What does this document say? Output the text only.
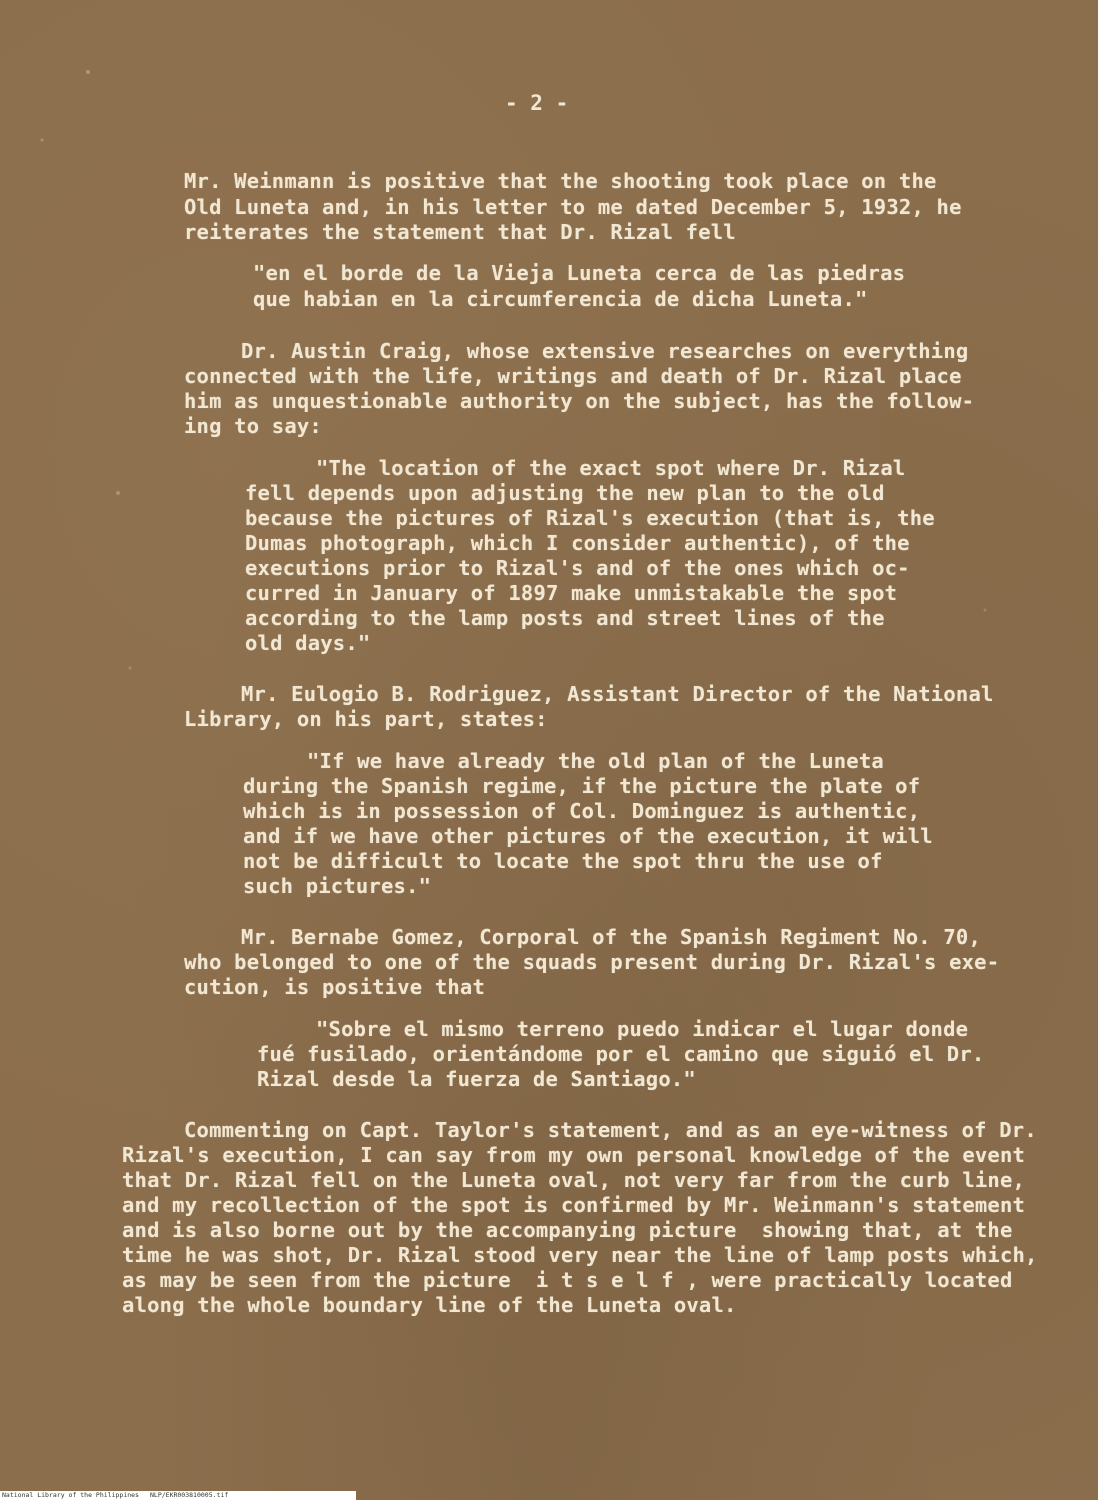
- 2 -
Mr. Weinmann is positive that the shooting took place on the
Old Luneta and, in his letter to me dated December 5, 1932, he
reiterates the statement that Dr. Rizal fell
"en el borde de la Vieja Luneta cerca de las piedras
que habian en la circumferencia de dicha Luneta."
Dr. Austin Craig, whose extensive researches on everything
connected with the life, writings and death of Dr. Rizal place
him as unquestionable authority on the subject, has the follow-
ing to say:
"The location of the exact spot where Dr. Rizal
fell depends upon adjusting the new plan to the old
because the pictures of Rizal's execution (that is, the
Dumas photograph, which I consider authentic), of the
executions prior to Rizal's and of the ones which oc-
curred in January of 1897 make unmistakable the spot
according to the lamp posts and street lines of the
old days."
Mr. Eulogio B. Rodriguez, Assistant Director of the National
Library, on his part, states:
"If we have already the old plan of the Luneta
during the Spanish regime, if the picture the plate of
which is in possession of Col. Dominguez is authentic,
and if we have other pictures of the execution, it will
not be difficult to locate the spot thru the use of
such pictures."
Mr. Bernabe Gomez, Corporal of the Spanish Regiment No. 70,
who belonged to one of the squads present during Dr. Rizal's exe-
cution, is positive that
"Sobre el mismo terreno puedo indicar el lugar donde
fué fusilado, orientándome por el camino que siguió el Dr.
Rizal desde la fuerza de Santiago."
Commenting on Capt. Taylor's statement, and as an eye-witness of Dr.
Rizal's execution, I can say from my own personal knowledge of the event
that Dr. Rizal fell on the Luneta oval, not very far from the curb line,
and my recollection of the spot is confirmed by Mr. Weinmann's statement
and is also borne out by the accompanying picture  showing that, at the
time he was shot, Dr. Rizal stood very near the line of lamp posts which,
as may be seen from the picture  i t s e l f , were practically located
along the whole boundary line of the Luneta oval.
National Library of the Philippines NLP/EKR003810005.tif
